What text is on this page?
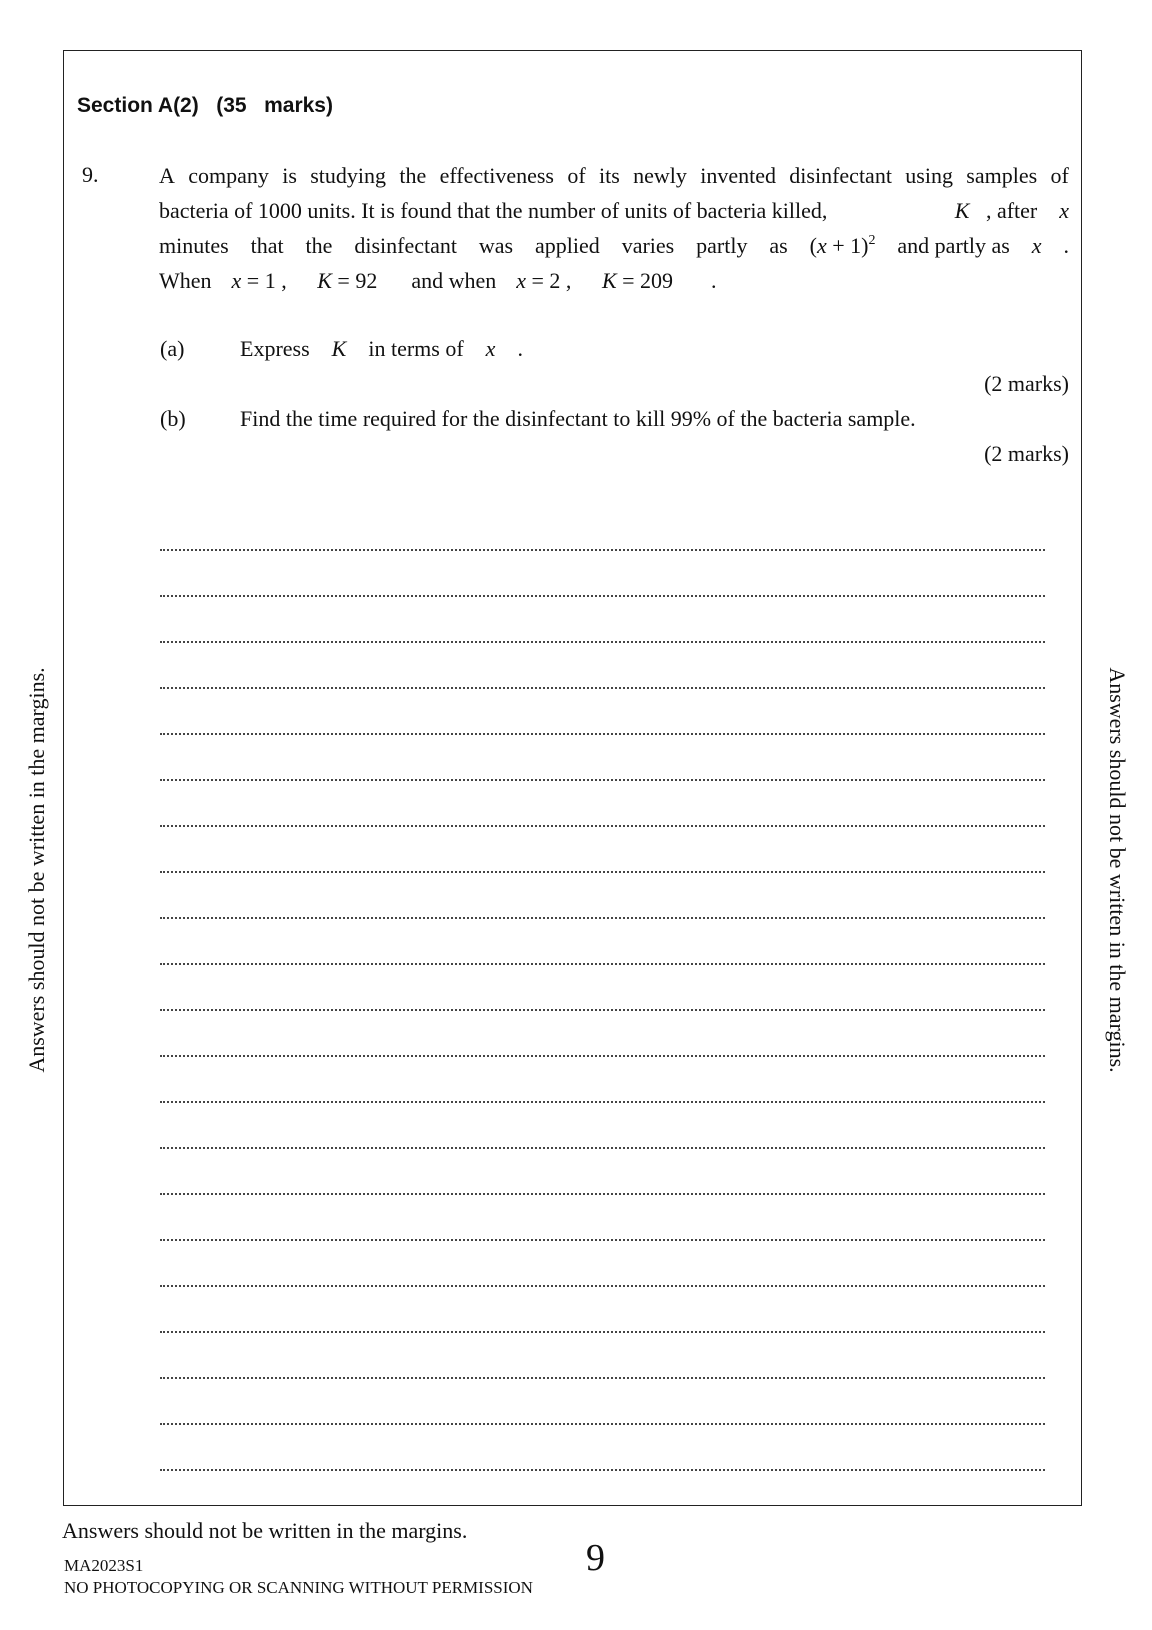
Section A(2)   (35   marks)
9.	A company is studying the effectiveness of its newly invented disinfectant using samples of
bacteria of 1000 units. It is found that the number of units of bacteria killed,	K , after x
minutes that the disinfectant was applied varies partly as $(x + 1)^2$ and partly as x .
When x = 1 , K = 92	and when x = 2 , K = 209	.
(a)	Express K in terms of x .
(2 marks)
(b) Find the time required for the disinfectant to kill 99% of the bacteria sample.
(2 marks)
Answers should not be written in the margins.	Answers should not be written in the margins.
Answers should not be written in the margins.
9
MA2023S1
NO PHOTOCOPYING OR SCANNING WITHOUT PERMISSION
